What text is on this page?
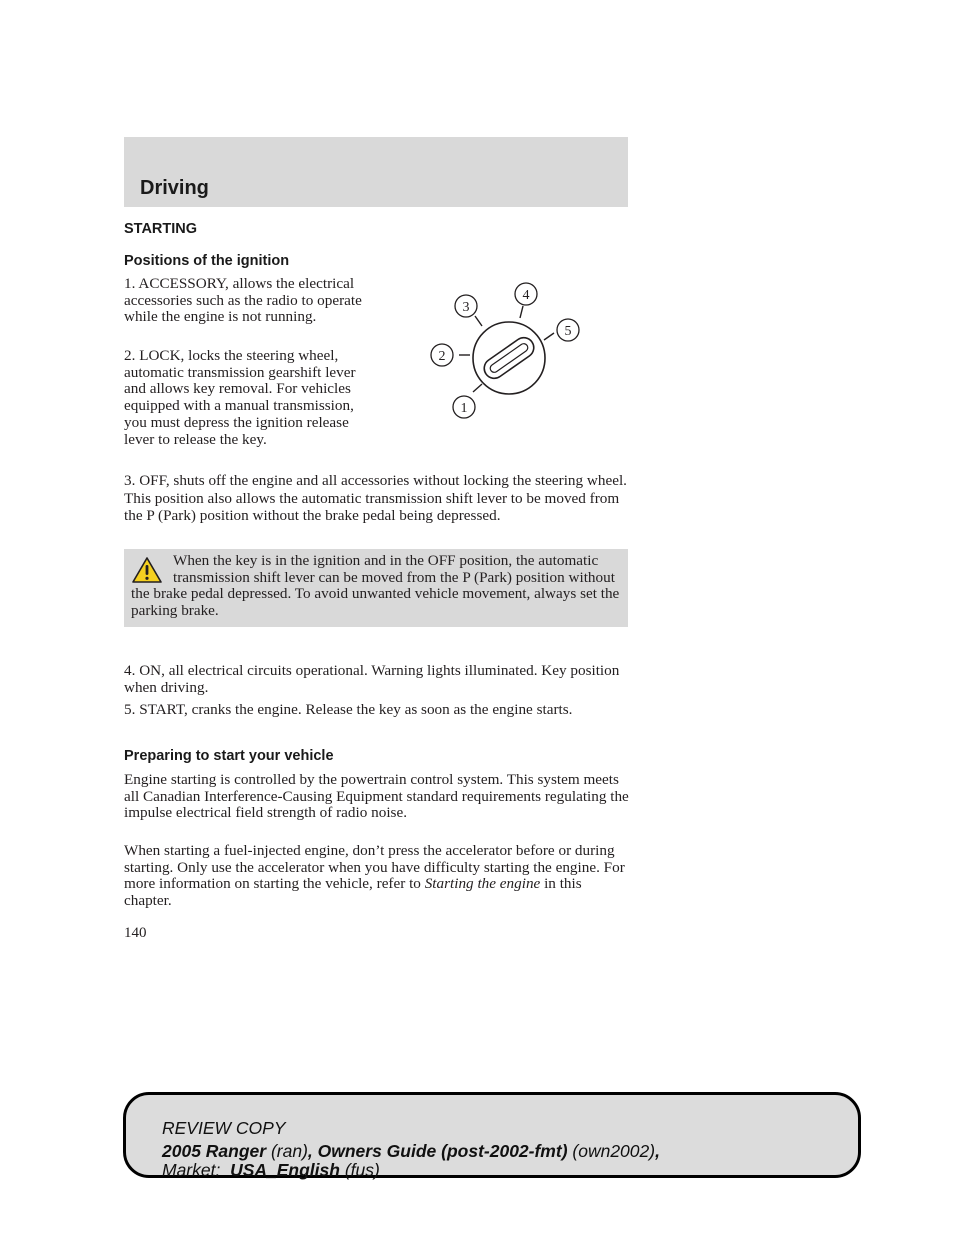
Driving
STARTING
Positions of the ignition
1. ACCESSORY, allows the electrical accessories such as the radio to operate while the engine is not running.
2. LOCK, locks the steering wheel, automatic transmission gearshift lever and allows key removal. For vehicles equipped with a manual transmission, you must depress the ignition release lever to release the key.
3. OFF, shuts off the engine and all accessories without locking the steering wheel. This position also allows the automatic transmission shift lever to be moved from the P (Park) position without the brake pedal being depressed.
1
2
3
4
5
When the key is in the ignition and in the OFF position, the automatic transmission shift lever can be moved from the P (Park) position without the brake pedal depressed. To avoid unwanted vehicle movement, always set the parking brake.
4. ON, all electrical circuits operational. Warning lights illuminated. Key position when driving.
5. START, cranks the engine. Release the key as soon as the engine starts.
Preparing to start your vehicle
Engine starting is controlled by the powertrain control system. This system meets all Canadian Interference-Causing Equipment standard requirements regulating the impulse electrical field strength of radio noise.
When starting a fuel-injected engine, don’t press the accelerator before or during starting. Only use the accelerator when you have difficulty starting the engine. For more information on starting the vehicle, refer to Starting the engine in this chapter.
140
REVIEW COPY
2005 Ranger (ran), Owners Guide (post-2002-fmt) (own2002),
Market:  USA_English (fus)
